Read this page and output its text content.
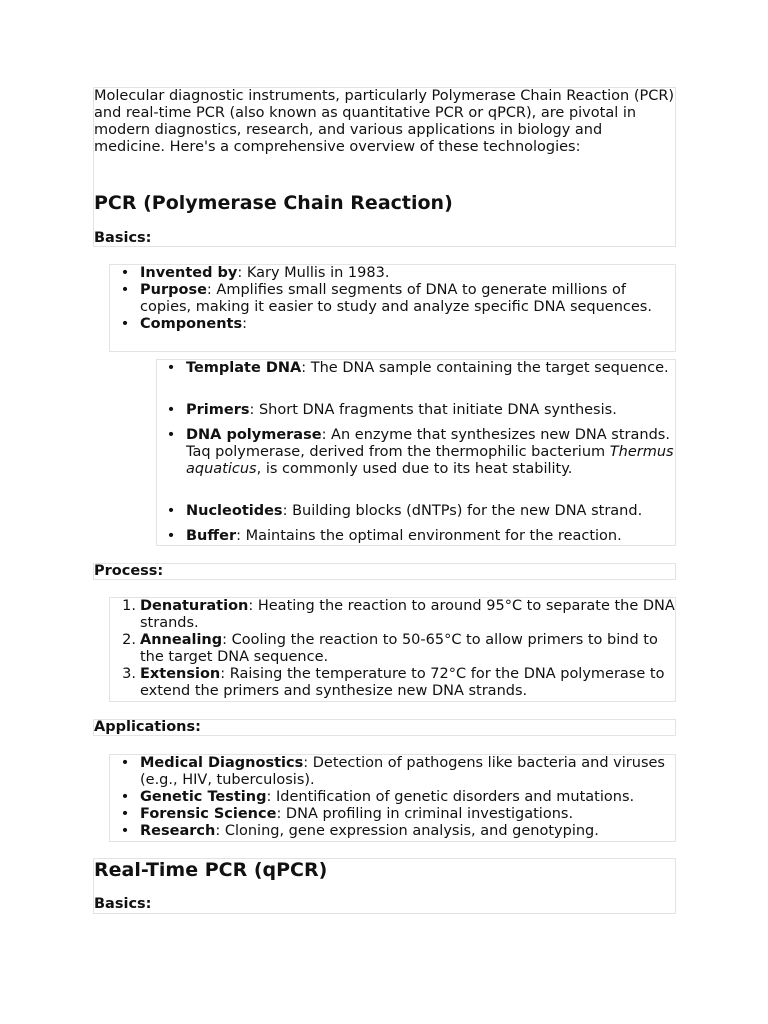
Molecular diagnostic instruments, particularly Polymerase Chain Reaction (PCR) and real-time PCR (also known as quantitative PCR or qPCR), are pivotal in modern diagnostics, research, and various applications in biology and medicine. Here's a comprehensive overview of these technologies:

PCR (Polymerase Chain Reaction)
Basics:
• Invented by: Kary Mullis in 1983.
• Purpose: Amplifies small segments of DNA to generate millions of copies, making it easier to study and analyze specific DNA sequences.
• Components:
• Template DNA: The DNA sample containing the target sequence.
• Primers: Short DNA fragments that initiate DNA synthesis.
• DNA polymerase: An enzyme that synthesizes new DNA strands. Taq polymerase, derived from the thermophilic bacterium Thermus aquaticus, is commonly used due to its heat stability.
• Nucleotides: Building blocks (dNTPs) for the new DNA strand.
• Buffer: Maintains the optimal environment for the reaction.
Process:
1. Denaturation: Heating the reaction to around 95°C to separate the DNA strands.
2. Annealing: Cooling the reaction to 50-65°C to allow primers to bind to the target DNA sequence.
3. Extension: Raising the temperature to 72°C for the DNA polymerase to extend the primers and synthesize new DNA strands.
Applications:
• Medical Diagnostics: Detection of pathogens like bacteria and viruses (e.g., HIV, tuberculosis).
• Genetic Testing: Identification of genetic disorders and mutations.
• Forensic Science: DNA profiling in criminal investigations.
• Research: Cloning, gene expression analysis, and genotyping.
Real-Time PCR (qPCR)
Basics:
